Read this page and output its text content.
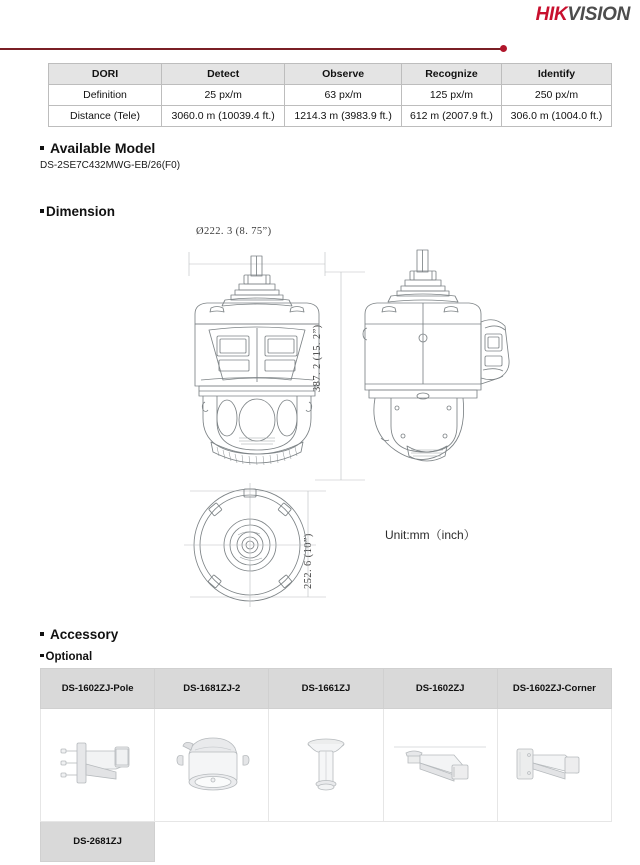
HIKVISION
DORI	Detect	Observe	Recognize	Identify
Definition	25 px/m	63 px/m	125 px/m	250 px/m
Distance (Tele)	3060.0 m (10039.4 ft.)	1214.3 m (3983.9 ft.)	612 m (2007.9 ft.)	306.0 m (1004.0 ft.)
Available Model
DS-2SE7C432MWG-EB/26(F0)
Dimension
Ø222. 3 (8. 75”)
387. 2 (15. 2”)
252. 6 (10”)	Unit:mm（inch）
Accessory
Optional
DS-1602ZJ-Pole	DS-1681ZJ-2	DS-1661ZJ	DS-1602ZJ	DS-1602ZJ-Corner

DS-2681ZJ				
